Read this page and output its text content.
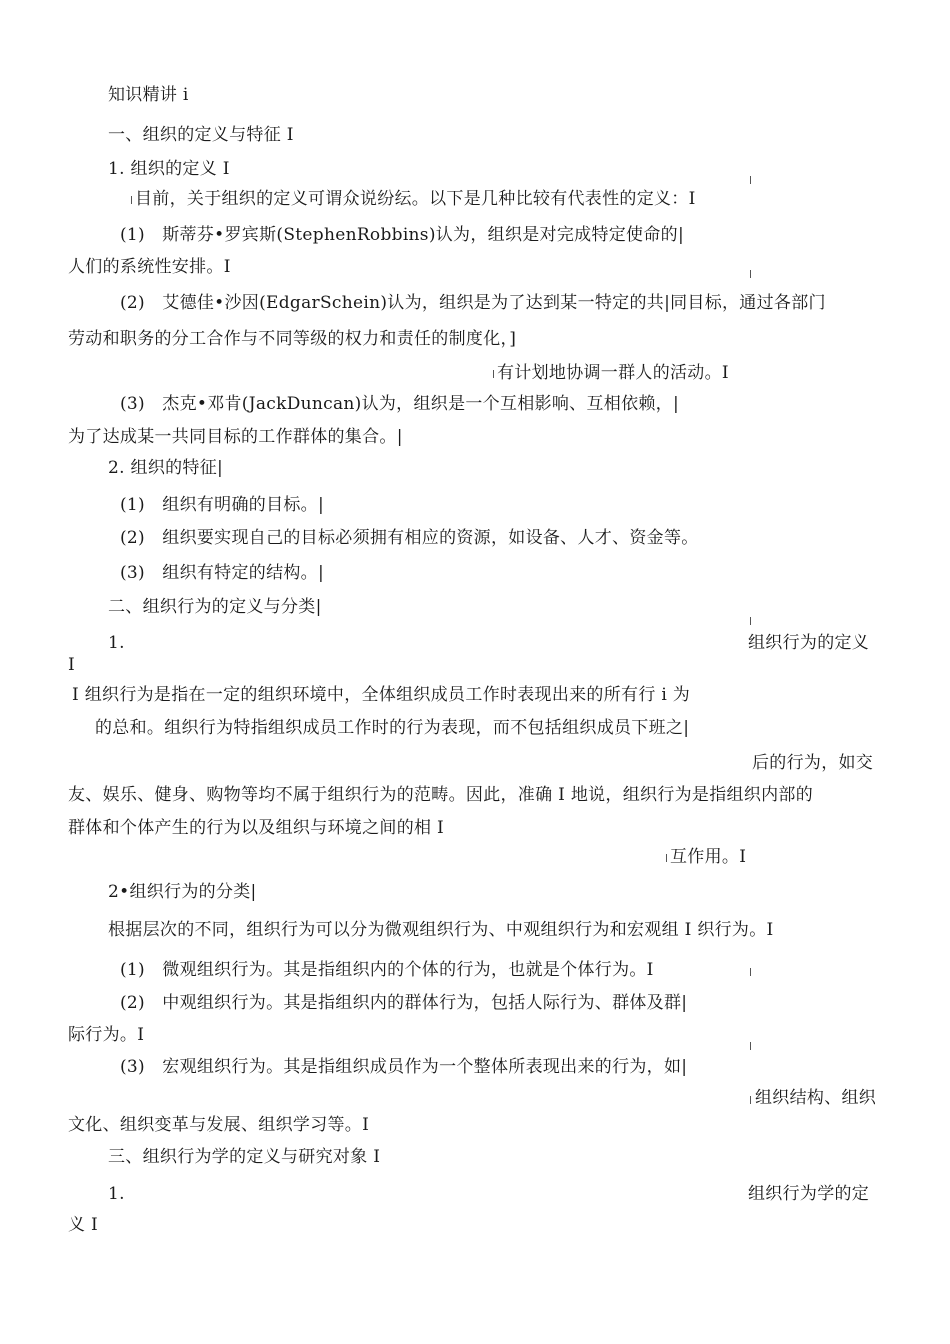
知识精讲 i
一、组织的定义与特征 I
1. 组织的定义 I
目前，关于组织的定义可谓众说纷纭。以下是几种比较有代表性的定义：I
(1)　斯蒂芬•罗宾斯(StephenRobbins)认为，组织是对完成特定使命的|
人们的系统性安排。I
(2)　艾德佳•沙因(EdgarSchein)认为，组织是为了达到某一特定的共|同目标，通过各部门
劳动和职务的分工合作与不同等级的权力和责任的制度化，]
有计划地协调一群人的活动。I
(3)　杰克•邓肯(JackDuncan)认为，组织是一个互相影响、互相依赖，|
为了达成某一共同目标的工作群体的集合。|
2. 组织的特征|
(1)　组织有明确的目标。|
(2)　组织要实现自己的目标必须拥有相应的资源，如设备、人才、资金等。
(3)　组织有特定的结构。|
二、组织行为的定义与分类|
1.	组织行为的定义
I
I 组织行为是指在一定的组织环境中，全体组织成员工作时表现出来的所有行 i 为
的总和。组织行为特指组织成员工作时的行为表现，而不包括组织成员下班之|
后的行为，如交
友、娱乐、健身、购物等均不属于组织行为的范畴。因此，准确 I 地说，组织行为是指组织内部的
群体和个体产生的行为以及组织与环境之间的相 I
互作用。I
2•组织行为的分类|
根据层次的不同，组织行为可以分为微观组织行为、中观组织行为和宏观组 I 织行为。I
(1)　微观组织行为。其是指组织内的个体的行为，也就是个体行为。I
(2)　中观组织行为。其是指组织内的群体行为，包括人际行为、群体及群|
际行为。I
(3)　宏观组织行为。其是指组织成员作为一个整体所表现出来的行为，如|
组织结构、组织
文化、组织变革与发展、组织学习等。I
三、组织行为学的定义与研究对象 I
1.	组织行为学的定
义 I
